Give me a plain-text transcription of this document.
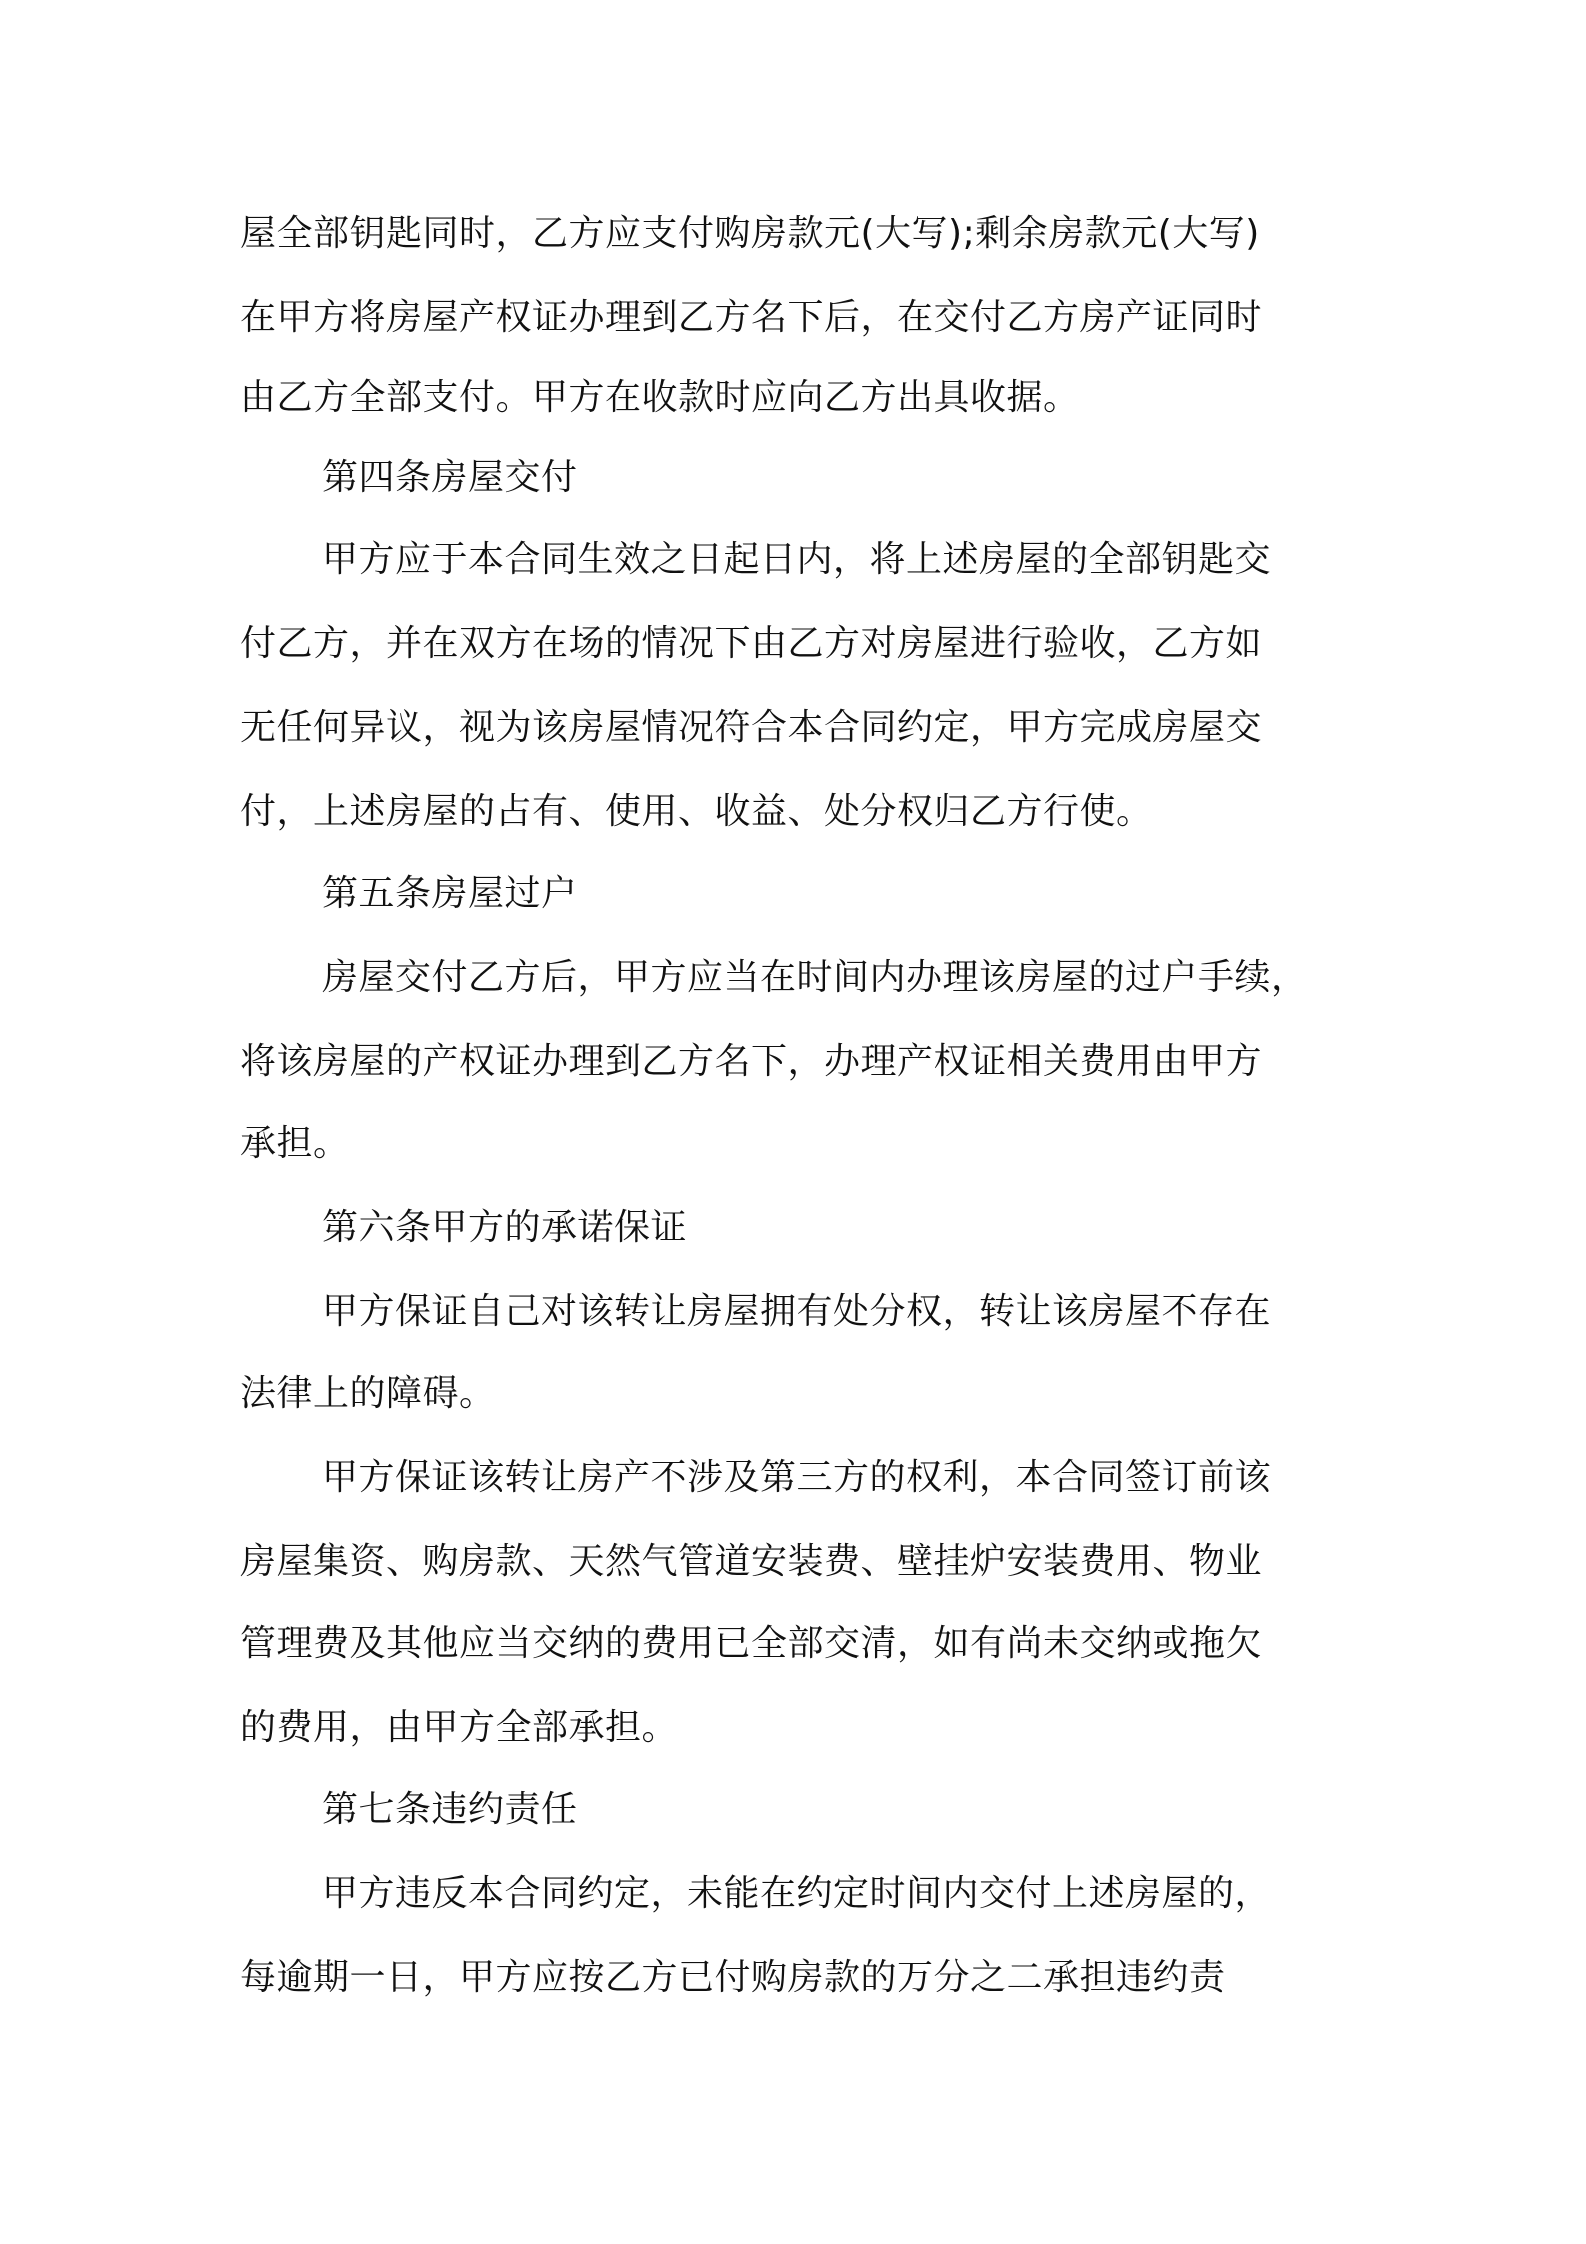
屋全部钥匙同时，乙方应支付购房款元(大写);剩余房款元(大写)
在甲方将房屋产权证办理到乙方名下后，在交付乙方房产证同时
由乙方全部支付。甲方在收款时应向乙方出具收据。
第四条房屋交付
甲方应于本合同生效之日起日内，将上述房屋的全部钥匙交
付乙方，并在双方在场的情况下由乙方对房屋进行验收，乙方如
无任何异议，视为该房屋情况符合本合同约定，甲方完成房屋交
付，上述房屋的占有、使用、收益、处分权归乙方行使。
第五条房屋过户
房屋交付乙方后，甲方应当在时间内办理该房屋的过户手续，
将该房屋的产权证办理到乙方名下，办理产权证相关费用由甲方
承担。
第六条甲方的承诺保证
甲方保证自己对该转让房屋拥有处分权，转让该房屋不存在
法律上的障碍。
甲方保证该转让房产不涉及第三方的权利，本合同签订前该
房屋集资、购房款、天然气管道安装费、壁挂炉安装费用、物业
管理费及其他应当交纳的费用已全部交清，如有尚未交纳或拖欠
的费用，由甲方全部承担。
第七条违约责任
甲方违反本合同约定，未能在约定时间内交付上述房屋的，
每逾期一日，甲方应按乙方已付购房款的万分之二承担违约责
